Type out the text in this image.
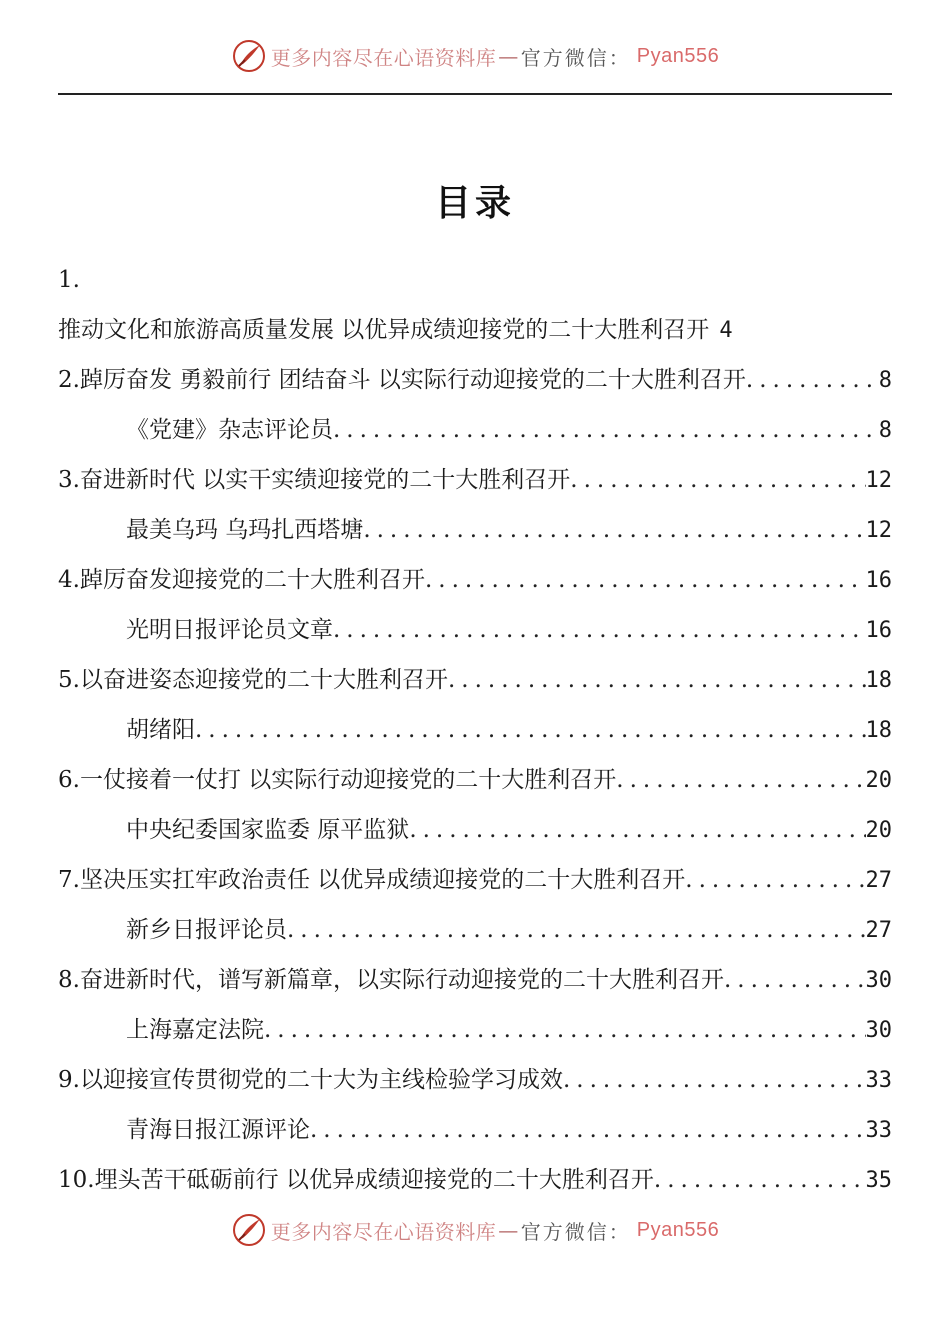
更多内容尽在心语资料库 — 官方微信： Pyan556
目录
1.
推动文化和旅游高质量发展 以优异成绩迎接党的二十大胜利召开 4
2. 踔厉奋发 勇毅前行 团结奋斗 以实际行动迎接党的二十大胜利召开 .....	8
《党建》杂志评论员 .....	8
3. 奋进新时代 以实干实绩迎接党的二十大胜利召开 .....	12
最美乌玛 乌玛扎西塔塘 .....	12
4. 踔厉奋发迎接党的二十大胜利召开 .....	16
光明日报评论员文章 .....	16
5. 以奋进姿态迎接党的二十大胜利召开 .....	18
胡绪阳 .....	18
6. 一仗接着一仗打 以实际行动迎接党的二十大胜利召开 .....	20
中央纪委国家监委 原平监狱 .....	20
7. 坚决压实扛牢政治责任 以优异成绩迎接党的二十大胜利召开 .....	27
新乡日报评论员 .....	27
8. 奋进新时代，谱写新篇章，以实际行动迎接党的二十大胜利召开 .....	30
上海嘉定法院 .....	30
9. 以迎接宣传贯彻党的二十大为主线检验学习成效 .....	33
青海日报江源评论 .....	33
10. 埋头苦干砥砺前行 以优异成绩迎接党的二十大胜利召开 .....	35
更多内容尽在心语资料库 — 官方微信： Pyan556
